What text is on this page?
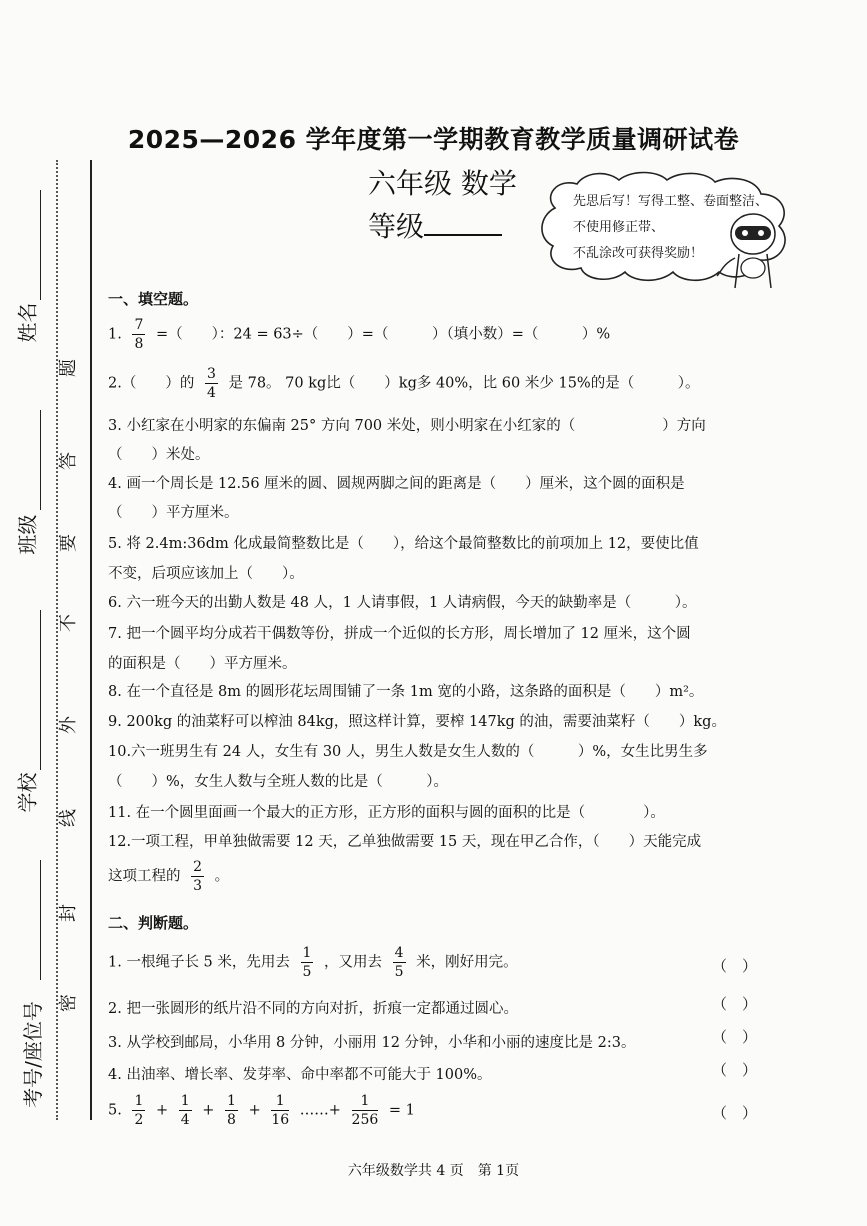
姓名
班级
学校
考号/座位号
题
答
要
不
外
线
封
密
2025—2026 学年度第一学期教育教学质量调研试卷
六年级 数学
等级
先思后写！写得工整、卷面整洁、
不使用修正带、
不乱涂改可获得奖励！
一、填空题。
1. $\frac{7}{8}$ =（　　）：24 = 63÷（　　）=（　　　）（填小数）=（　　　）%
2.（　　）的 $\frac{3}{4}$ 是 78。 70 kg比（　　）kg多 40%，比 60 米少 15%的是（　　　）。
3. 小红家在小明家的东偏南 25° 方向 700 米处，则小明家在小红家的（　　　　　　）方向
（　　）米处。
4. 画一个周长是 12.56 厘米的圆、圆规两脚之间的距离是（　　）厘米，这个圆的面积是
（　　）平方厘米。
5. 将 2.4m:36dm 化成最简整数比是（　　），给这个最简整数比的前项加上 12，要使比值
不变，后项应该加上（　　）。
6. 六一班今天的出勤人数是 48 人，1 人请事假，1 人请病假，今天的缺勤率是（　　　）。
7. 把一个圆平均分成若干偶数等份，拼成一个近似的长方形，周长增加了 12 厘米，这个圆
的面积是（　　）平方厘米。
8. 在一个直径是 8m 的圆形花坛周围铺了一条 1m 宽的小路，这条路的面积是（　　）m²。
9. 200kg 的油菜籽可以榨油 84kg，照这样计算，要榨 147kg 的油，需要油菜籽（　　）kg。
10.六一班男生有 24 人，女生有 30 人，男生人数是女生人数的（　　　）%，女生比男生多
（　　）%，女生人数与全班人数的比是（　　　）。
11. 在一个圆里面画一个最大的正方形，正方形的面积与圆的面积的比是（　　　　）。
12.一项工程，甲单独做需要 12 天，乙单独做需要 15 天，现在甲乙合作，（　　）天能完成
这项工程的 $\frac{2}{3}$ 。
二、判断题。
1. 一根绳子长 5 米，先用去 $\frac{1}{5}$ ，又用去 $\frac{4}{5}$ 米，刚好用完。	（　）
2. 把一张圆形的纸片沿不同的方向对折，折痕一定都通过圆心。	（　）
3. 从学校到邮局，小华用 8 分钟，小丽用 12 分钟，小华和小丽的速度比是 2:3。	（　）
4. 出油率、增长率、发芽率、命中率都不可能大于 100%。	（　）
5. $\frac{1}{2} + \frac{1}{4} + \frac{1}{8} + \frac{1}{16}$ ……+ $\frac{1}{256} = 1$	（　）
六年级数学共 4 页　第 1页
